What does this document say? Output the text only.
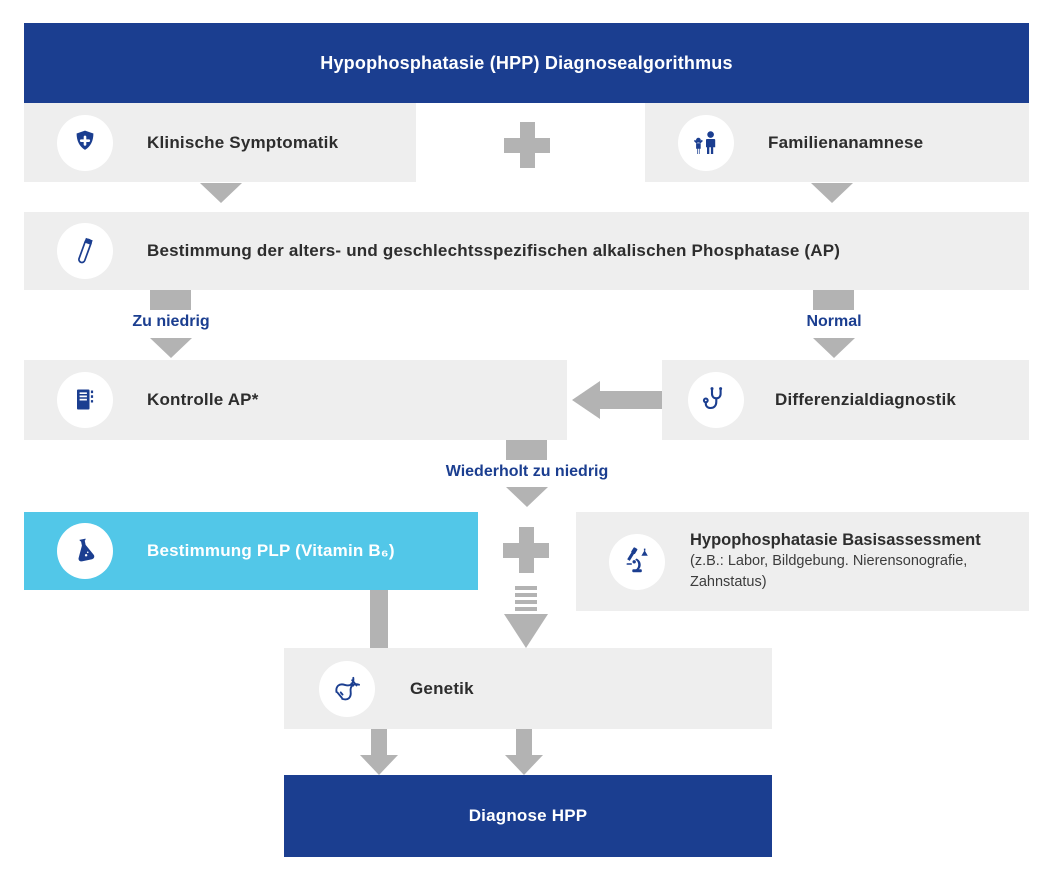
Hypophosphatasie (HPP) Diagnosealgorithmus
Klinische Symptomatik	Familienanamnese
Bestimmung der alters- und geschlechtsspezifischen alkalischen Phosphatase (AP)
Zu niedrig	Normal
Kontrolle AP*	Differenzialdiagnostik
Wiederholt zu niedrig
Bestimmung PLP (Vitamin B₆)
Hypophosphatasie Basisassessment
(z.B.: Labor, Bildgebung. Nierensonografie,
Zahnstatus)
Genetik
Diagnose HPP
